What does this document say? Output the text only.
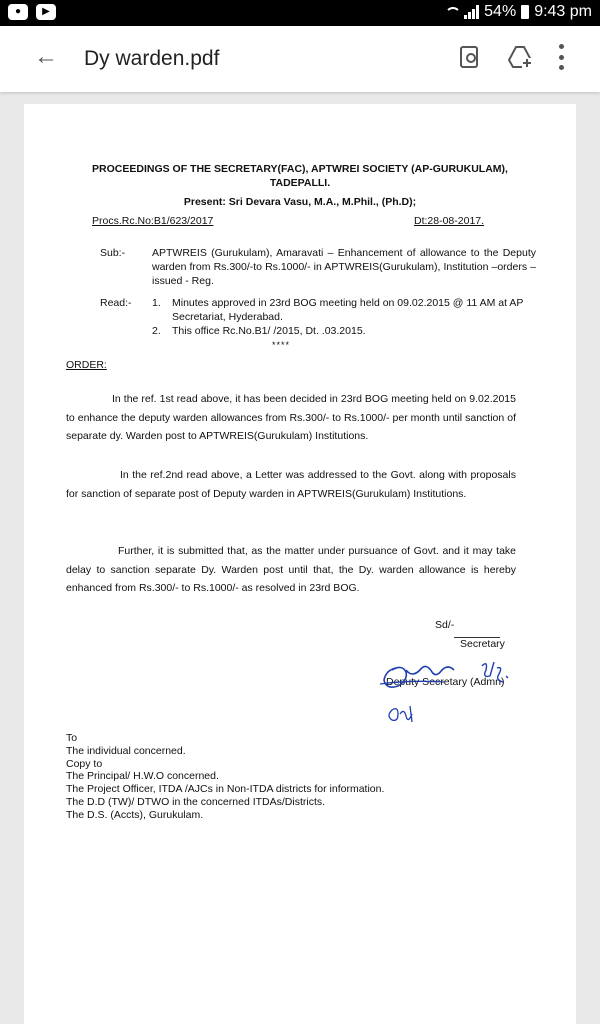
●	▶	54% 9:43 pm
← Dy warden.pdf
PROCEEDINGS OF THE SECRETARY(FAC), APTWREI SOCIETY (AP-GURUKULAM),
TADEPALLI.
Present: Sri Devara Vasu, M.A., M.Phil., (Ph.D);
Procs.Rc.No:B1/623/2017	Dt:28-08-2017.
Sub:-	APTWREIS (Gurukulam), Amaravati – Enhancement of allowance to the Deputy warden from Rs.300/-to Rs.1000/- in APTWREIS(Gurukulam), Institution –orders –issued - Reg.
Read:- 1.	Minutes approved in 23rd BOG meeting held on 09.02.2015 @ 11 AM at AP Secretariat, Hyderabad.
2.	This office Rc.No.B1/ /2015, Dt. .03.2015.
****
ORDER:
In the ref. 1st read above, it has been decided in 23rd BOG meeting held on 9.02.2015 to enhance the deputy warden allowances from Rs.300/- to Rs.1000/- per month until sanction of separate dy. Warden post to APTWREIS(Gurukulam) Institutions.
In the ref.2nd read above, a Letter was addressed to the Govt. along with proposals for sanction of separate post of Deputy warden in APTWREIS(Gurukulam) Institutions.
Further, it is submitted that, as the matter under pursuance of Govt. and it may take delay to sanction separate Dy. Warden post until that, the Dy. warden allowance is hereby enhanced from Rs.300/- to Rs.1000/- as resolved in 23rd BOG.
Sd/-
Secretary
Deputy Secretary (Admn)
To
The individual concerned.
Copy to
The Principal/ H.W.O concerned.
The Project Officer, ITDA /AJCs in Non-ITDA districts for information.
The D.D (TW)/ DTWO in the concerned ITDAs/Districts.
The D.S. (Accts), Gurukulam.
